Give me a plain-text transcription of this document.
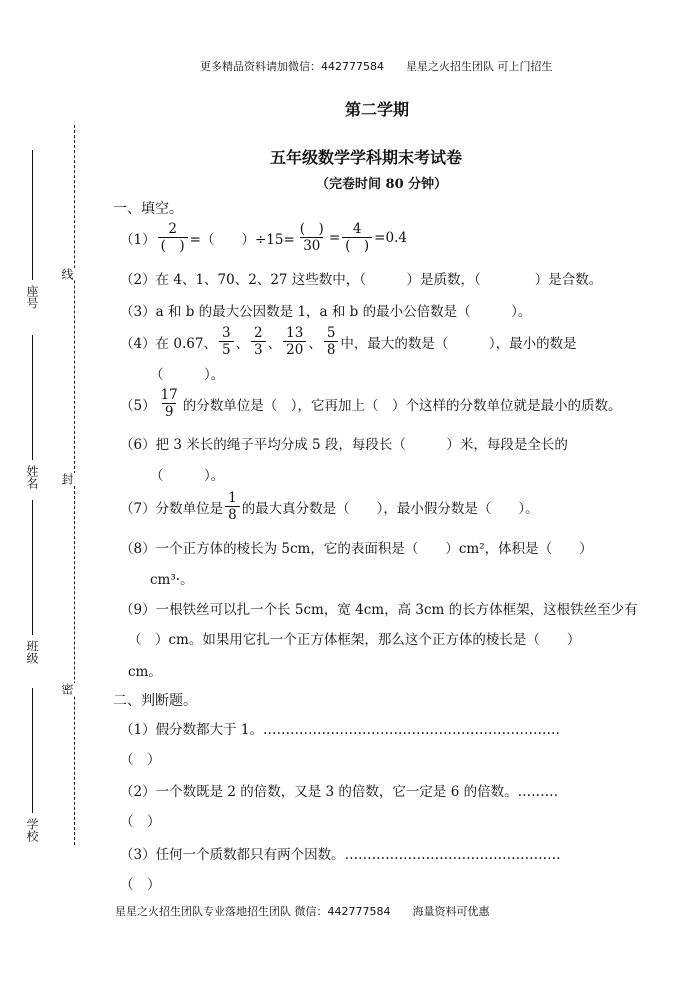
更多精品资料请加微信：442777584　　星星之火招生团队 可上门招生
第二学期
五年级数学学科期末考试卷
（完卷时间 80 分钟）
线
封
密
座号
姓名
班级
学校
一、填空。
$(1) \frac{2}{( )}$ =（　　）$\div 15= \frac{( )}{30} = \frac{4}{( )} =0.4$
（2）在 4、1、70、2、27 这些数中，（　　　）是质数，（　　　　）是合数。
（3）a 和 b 的最大公因数是 1，a 和 b 的最小公倍数是（　　　）。
（4）在 0.67、 $\frac{3}{5}$ 、 $\frac{2}{3}$ 、 $\frac{13}{20}$ 、 $\frac{5}{8}$ 中，最大的数是（　　　），最小的数是
（　　　）。
$(5) \frac{17}{9}$ 的分数单位是（　），它再加上（　）个这样的分数单位就是最小的质数。
（6）把 3 米长的绳子平均分成 5 段，每段长（　　　）米，每段是全长的
（　　　）。
（7）分数单位是 $\frac{1}{8}$ 的最大真分数是（　　），最小假分数是（　　）。
（8）一个正方体的棱长为 5cm，它的表面积是（　　）cm²，体积是（　　）
cm³·。
（9）一根铁丝可以扎一个长 5cm，宽 4cm，高 3cm 的长方体框架，这根铁丝至少有
（　）cm。如果用它扎一个正方体框架，那么这个正方体的棱长是（　　）
cm。
二、判断题。
（1）假分数都大于 1。…………………………………………………………
（　）
（2）一个数既是 2 的倍数，又是 3 的倍数，它一定是 6 的倍数。………
（　）
（3）任何一个质数都只有两个因数。…………………………………………
（　）
星星之火招生团队专业落地招生团队 微信：442777584　　海量资料可优惠
